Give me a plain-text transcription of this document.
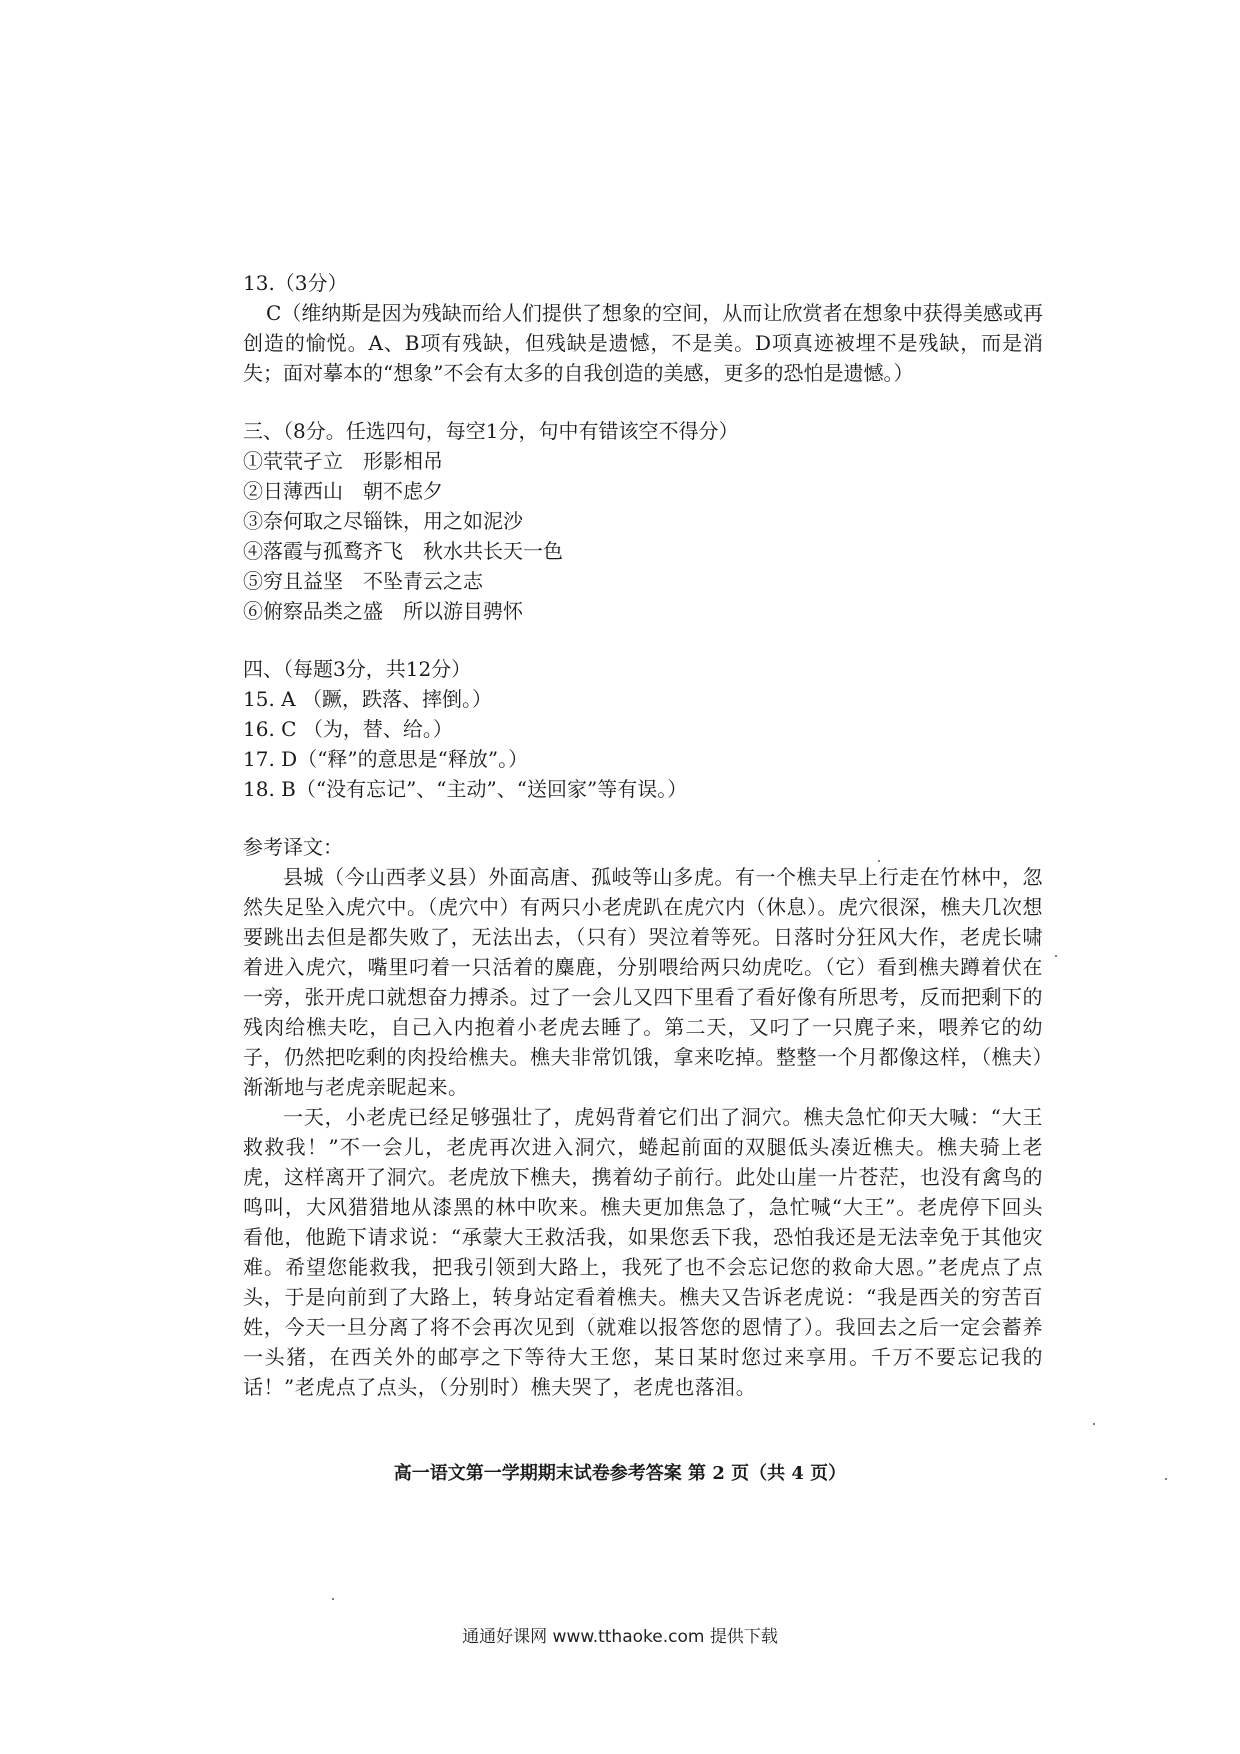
13.（3分）

C（维纳斯是因为残缺而给人们提供了想象的空间，从而让欣赏者在想象中获得美感或再创造的愉悦。A、B项有残缺，但残缺是遗憾，不是美。D项真迹被埋不是残缺，而是消失；面对摹本的“想象”不会有太多的自我创造的美感，更多的恐怕是遗憾。）

三、（8分。任选四句，每空1分，句中有错该空不得分）

①茕茕孑立　形影相吊

②日薄西山　朝不虑夕

③奈何取之尽锱铢，用之如泥沙

④落霞与孤鹜齐飞　秋水共长天一色

⑤穷且益坚　不坠青云之志

⑥俯察品类之盛　所以游目骋怀

四、（每题3分，共12分）

15. A （蹶，跌落、摔倒。）

16. C （为，替、给。）

17. D（“释”的意思是“释放”。）

18. B（“没有忘记”、“主动”、“送回家”等有误。）

参考译文：

县城（今山西孝义县）外面高唐、孤岐等山多虎。有一个樵夫早上行走在竹林中，忽然失足坠入虎穴中。（虎穴中）有两只小老虎趴在虎穴内（休息）。虎穴很深，樵夫几次想要跳出去但是都失败了，无法出去，（只有）哭泣着等死。日落时分狂风大作，老虎长啸着进入虎穴，嘴里叼着一只活着的麋鹿，分别喂给两只幼虎吃。（它）看到樵夫蹲着伏在一旁，张开虎口就想奋力搏杀。过了一会儿又四下里看了看好像有所思考，反而把剩下的残肉给樵夫吃，自己入内抱着小老虎去睡了。第二天，又叼了一只麂子来，喂养它的幼子，仍然把吃剩的肉投给樵夫。樵夫非常饥饿，拿来吃掉。整整一个月都像这样，（樵夫）渐渐地与老虎亲昵起来。

一天，小老虎已经足够强壮了，虎妈背着它们出了洞穴。樵夫急忙仰天大喊：“大王救救我！”不一会儿，老虎再次进入洞穴，蜷起前面的双腿低头凑近樵夫。樵夫骑上老虎，这样离开了洞穴。老虎放下樵夫，携着幼子前行。此处山崖一片苍茫，也没有禽鸟的鸣叫，大风猎猎地从漆黑的林中吹来。樵夫更加焦急了，急忙喊“大王”。老虎停下回头看他，他跪下请求说：“承蒙大王救活我，如果您丢下我，恐怕我还是无法幸免于其他灾难。希望您能救我，把我引领到大路上，我死了也不会忘记您的救命大恩。”老虎点了点头，于是向前到了大路上，转身站定看着樵夫。樵夫又告诉老虎说：“我是西关的穷苦百姓，今天一旦分离了将不会再次见到（就难以报答您的恩情了）。我回去之后一定会蓄养一头猪，在西关外的邮亭之下等待大王您，某日某时您过来享用。千万不要忘记我的话！”老虎点了点头，（分别时）樵夫哭了，老虎也落泪。

高一语文第一学期期末试卷参考答案 第 2 页（共 4 页）
通通好课网 www.tthaoke.com 提供下载
